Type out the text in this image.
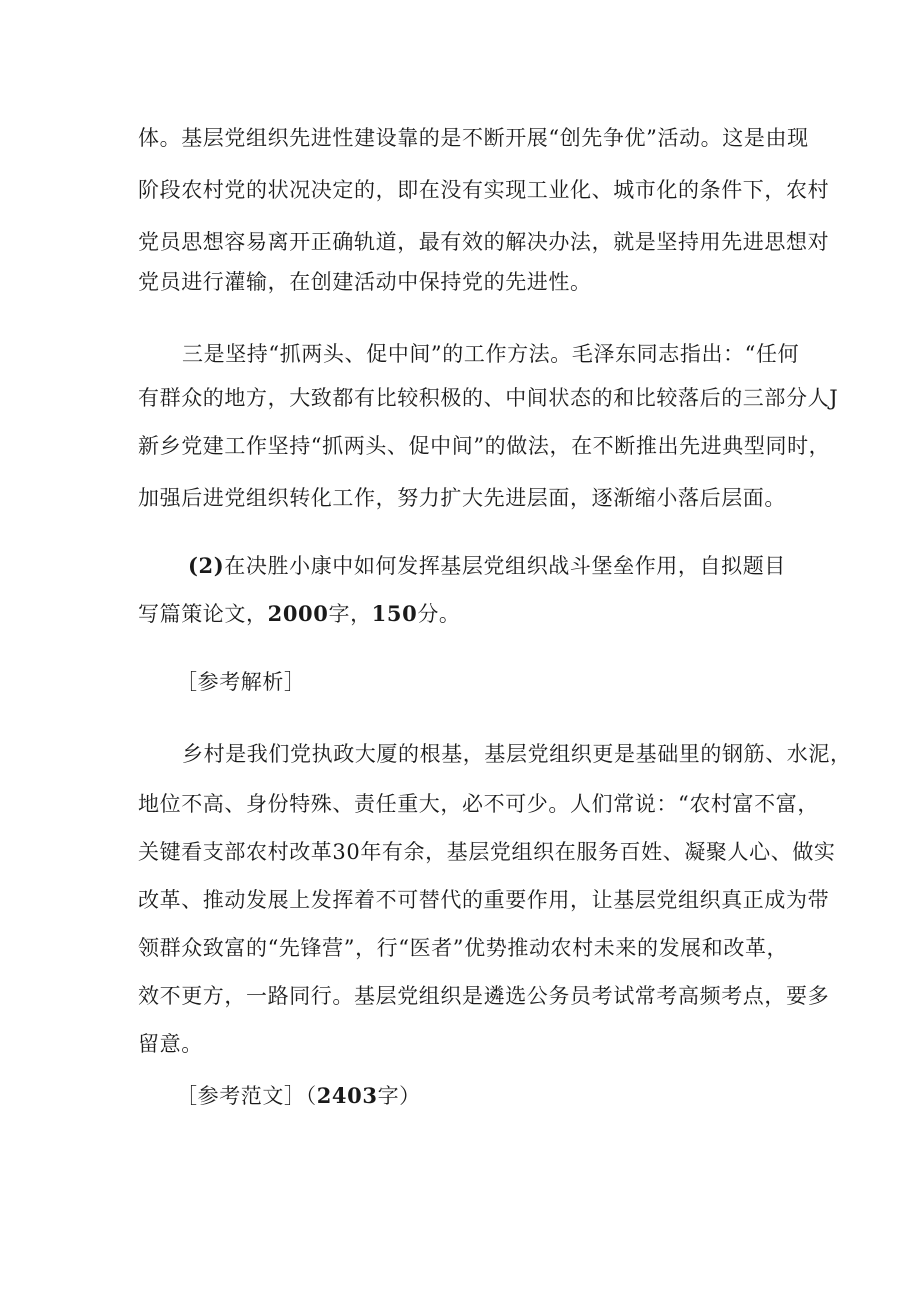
体。基层党组织先进性建设靠的是不断开展“创先争优”活动。这是由现
阶段农村党的状况决定的，即在没有实现工业化、城市化的条件下，农村
党员思想容易离开正确轨道，最有效的解决办法，就是坚持用先进思想对
党员进行灌输，在创建活动中保持党的先进性。
三是坚持“抓两头、促中间”的工作方法。毛泽东同志指出：“任何
有群众的地方，大致都有比较积极的、中间状态的和比较落后的三部分人J
新乡党建工作坚持“抓两头、促中间”的做法，在不断推出先进典型同时，
加强后进党组织转化工作，努力扩大先进层面，逐渐缩小落后层面。
(2)在决胜小康中如何发挥基层党组织战斗堡垒作用，自拟题目
写篇策论文，2000字，150分。
［参考解析］
乡村是我们党执政大厦的根基，基层党组织更是基础里的钢筋、水泥，
地位不高、身份特殊、责任重大，必不可少。人们常说：“农村富不富，
关键看支部农村改革30年有余，基层党组织在服务百姓、凝聚人心、做实
改革、推动发展上发挥着不可替代的重要作用，让基层党组织真正成为带
领群众致富的“先锋营”，行“医者”优势推动农村未来的发展和改革，
效不更方，一路同行。基层党组织是遴选公务员考试常考高频考点，要多
留意。
［参考范文］（2403字）
